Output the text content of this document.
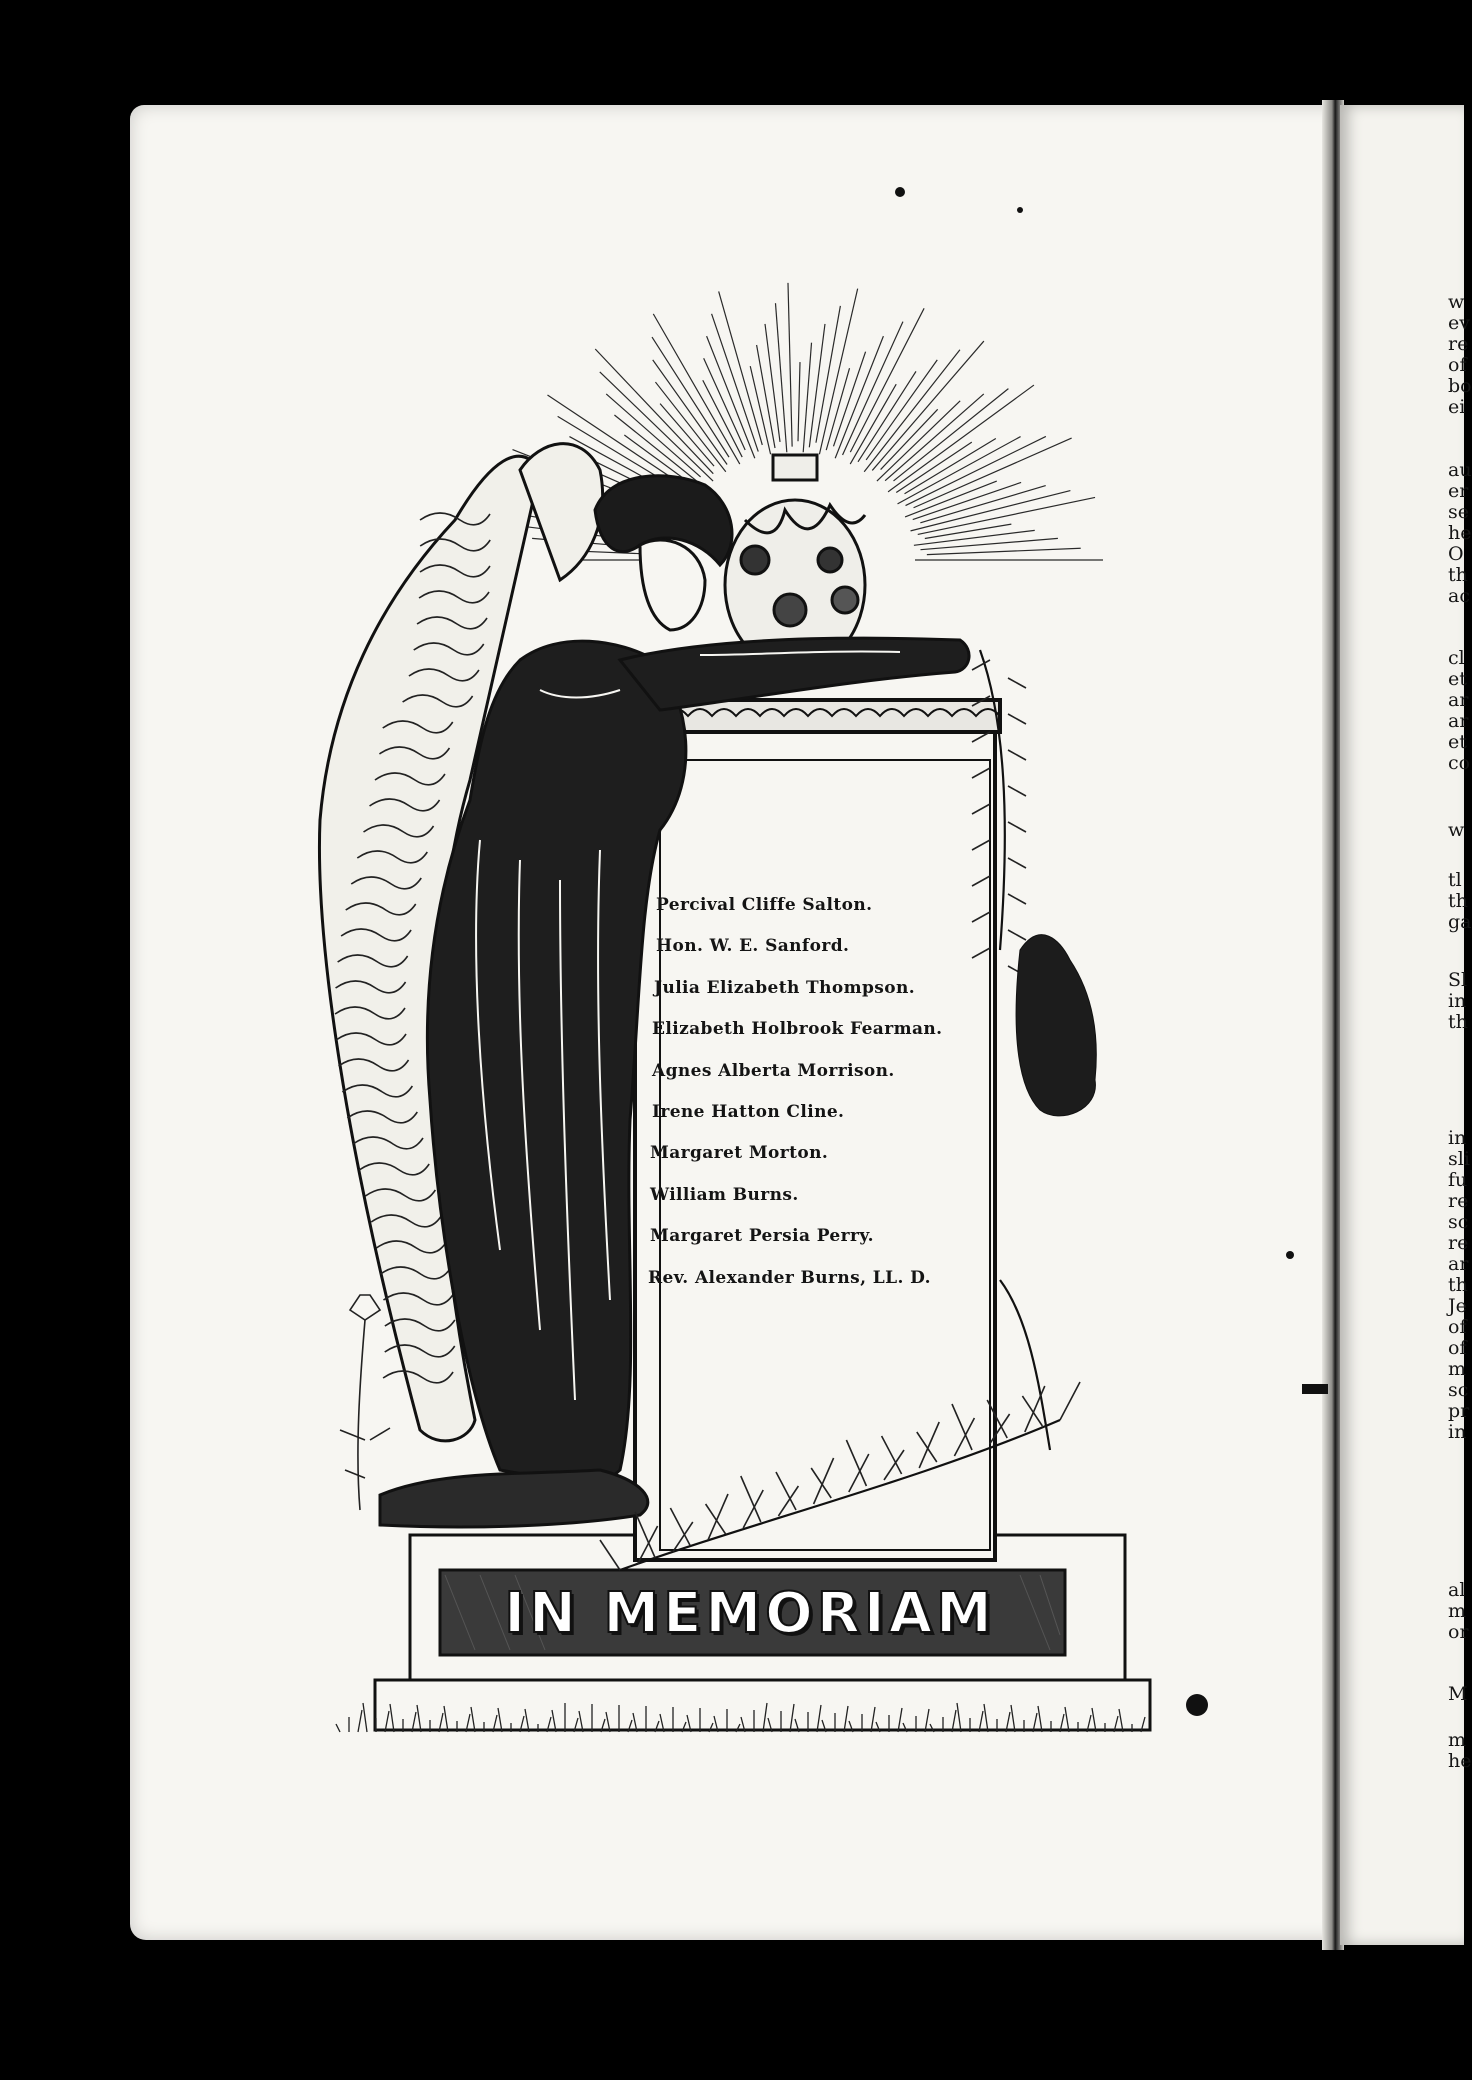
w
ev
re
of
bo
ei
au
er
se
he
O
th
ac
cl
et
ar
ar
et
co
w
tl
th
ga
Sl
in
th
in
sli
fu
re
sc
re
ar
th
Je
of
of
m
sc
pr
in
al
m
or
M
m
he
Percival Cliffe Salton.
Hon. W. E. Sanford.
Julia Elizabeth Thompson.
Elizabeth Holbrook Fearman.
Agnes Alberta Morrison.
Irene Hatton Cline.
Margaret Morton.
William Burns.
Margaret Persia Perry.
Rev. Alexander Burns, LL. D.
IN MEMORIAM
